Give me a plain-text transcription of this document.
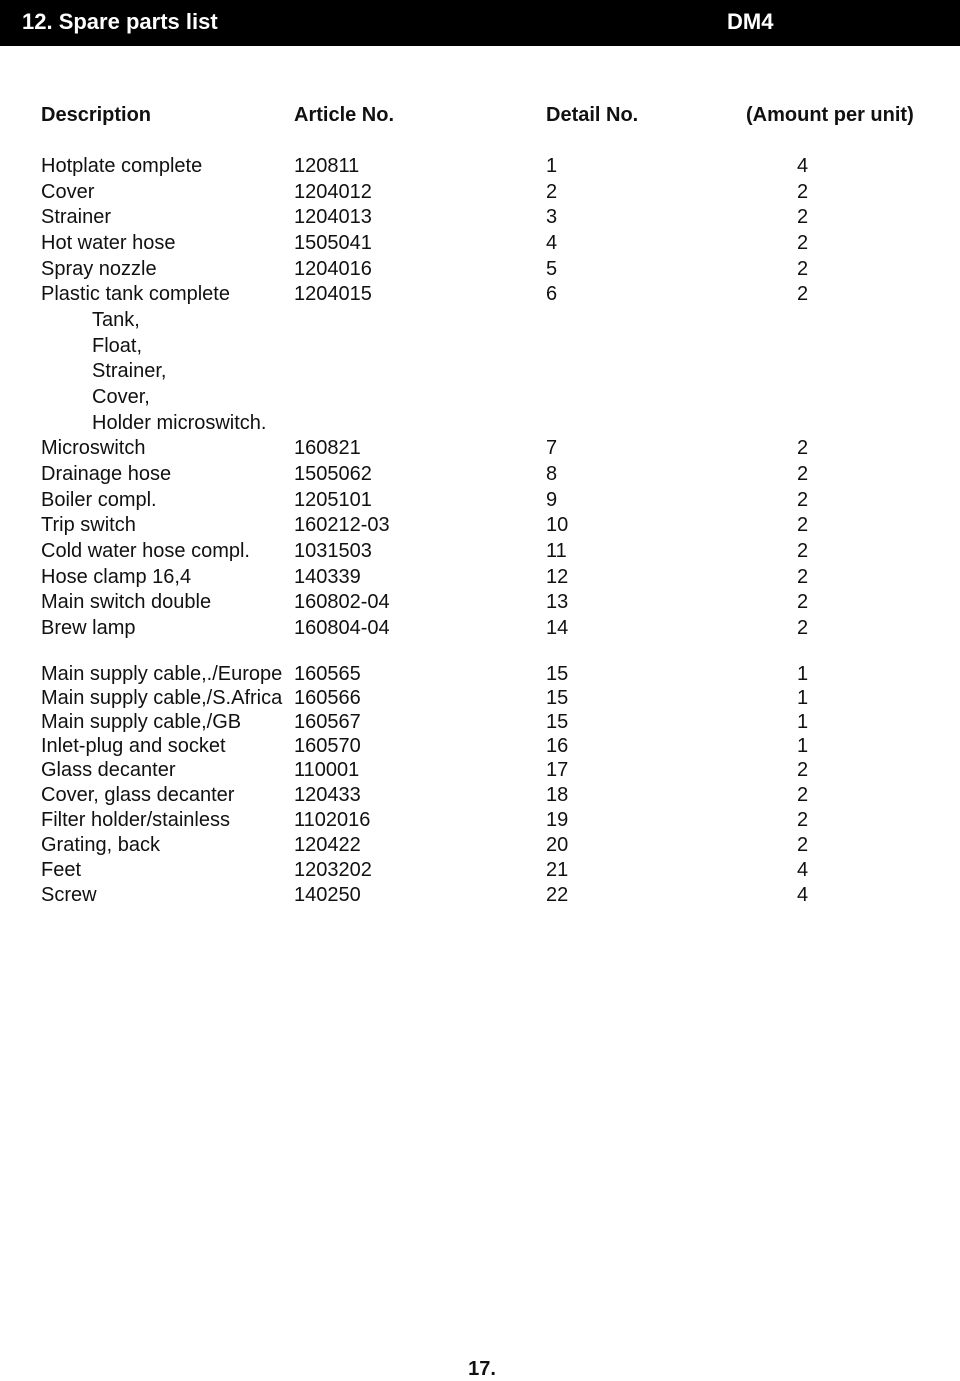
12. Spare parts list	DM4
Description	Article No.	Detail No.	(Amount per unit)
Hotplate complete	120811	1	4
Cover	1204012	2	2
Strainer	1204013	3	2
Hot water hose	1505041	4	2
Spray nozzle	1204016	5	2
Plastic tank complete	1204015	6	2
Tank,
Float,
Strainer,
Cover,
Holder microswitch.
Microswitch	160821	7	2
Drainage hose	1505062	8	2
Boiler compl.	1205101	9	2
Trip switch	160212-03	10	2
Cold water hose compl. 1031503	11	2
Hose clamp 16,4	140339	12	2
Main switch double	160802-04	13	2
Brew lamp	160804-04	14	2
Main supply cable,./Europe 160565	15	1
Main supply cable,/S.Africa 160566	15	1
Main supply cable,/GB	160567	15	1
Inlet-plug and socket	160570	16	1
Glass decanter	110001	17	2
Cover, glass decanter	120433	18	2
Filter holder/stainless	1102016	19	2
Grating, back	120422	20	2
Feet	1203202	21	4
Screw	140250	22	4
17.
